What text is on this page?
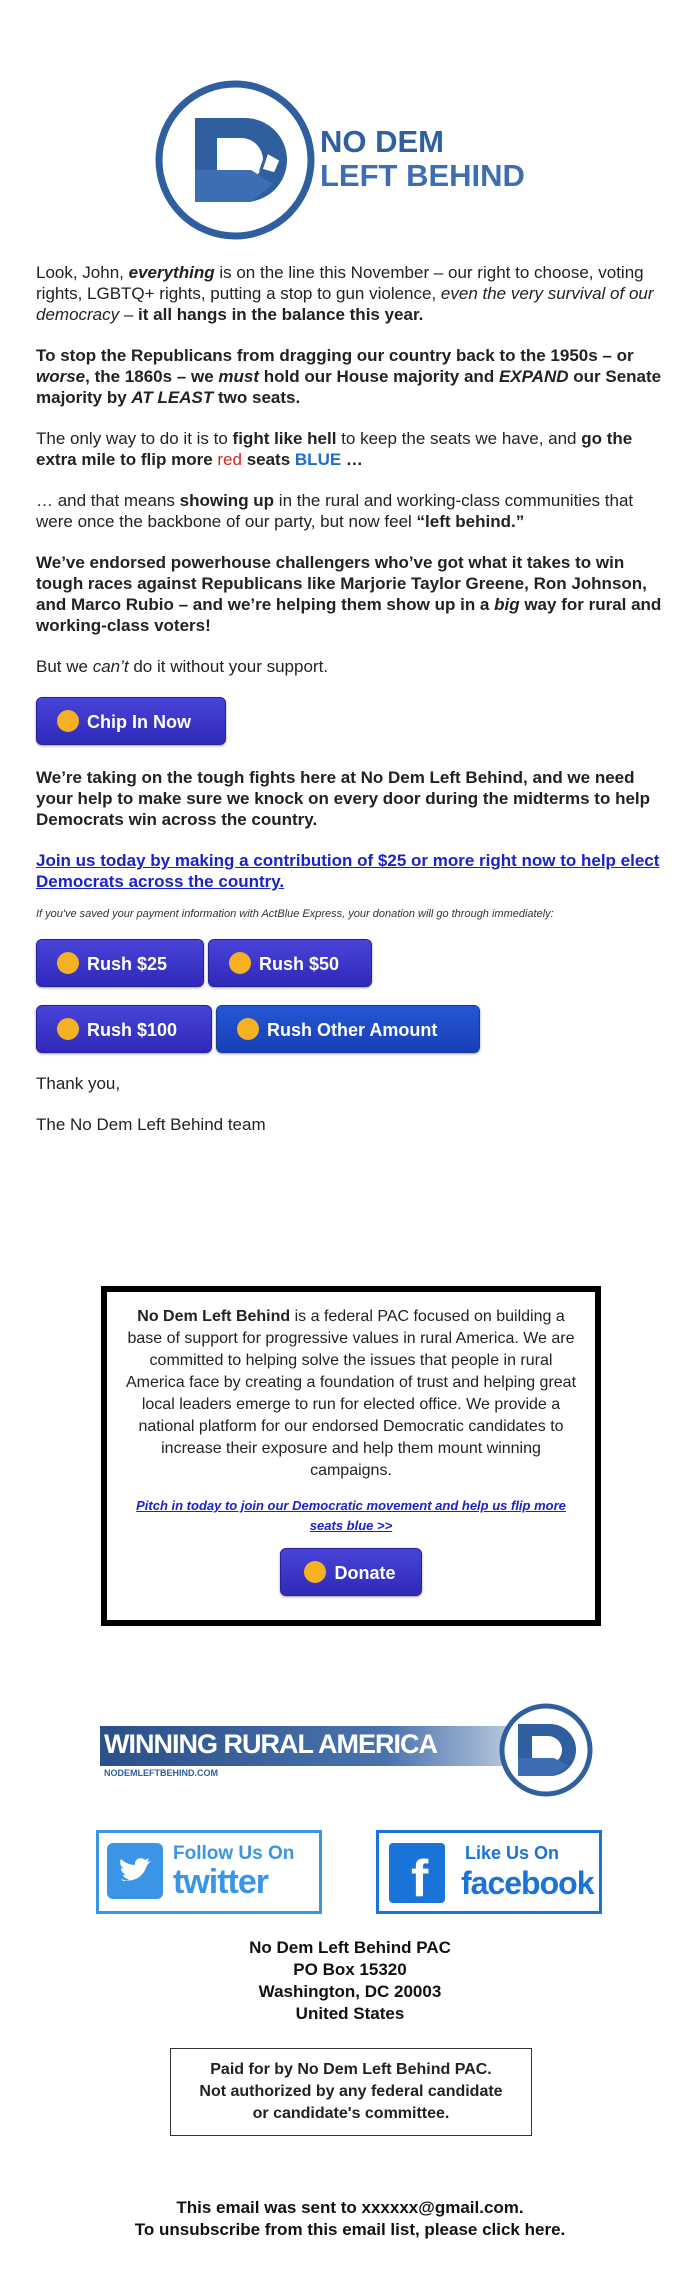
NO DEM
LEFT BEHIND

Look, John, everything is on the line this November – our right to choose, voting rights, LGBTQ+ rights, putting a stop to gun violence, even the very survival of our democracy – it all hangs in the balance this year.

To stop the Republicans from dragging our country back to the 1950s – or worse, the 1860s – we must hold our House majority and EXPAND our Senate majority by AT LEAST two seats.

The only way to do it is to fight like hell to keep the seats we have, and go the extra mile to flip more red seats BLUE …

… and that means showing up in the rural and working-class communities that were once the backbone of our party, but now feel “left behind.”

We’ve endorsed powerhouse challengers who’ve got what it takes to win tough races against Republicans like Marjorie Taylor Greene, Ron Johnson, and Marco Rubio – and we’re helping them show up in a big way for rural and working-class voters!

But we can’t do it without your support.

Chip In Now

We’re taking on the tough fights here at No Dem Left Behind, and we need your help to make sure we knock on every door during the midterms to help Democrats win across the country.

Join us today by making a contribution of $25 or more right now to help elect Democrats across the country.

If you've saved your payment information with ActBlue Express, your donation will go through immediately:

Rush $25	Rush $50
Rush $100	Rush Other Amount

Thank you,

The No Dem Left Behind team

No Dem Left Behind is a federal PAC focused on building a base of support for progressive values in rural America. We are committed to helping solve the issues that people in rural America face by creating a foundation of trust and helping great local leaders emerge to run for elected office. We provide a national platform for our endorsed Democratic candidates to increase their exposure and help them mount winning campaigns.
Pitch in today to join our Democratic movement and help us flip more seats blue >>
Donate
WINNING RURAL AMERICA
NODEMLEFTBEHIND.COM
Follow Us On
twitter	f Like Us On
facebook
No Dem Left Behind PAC
PO Box 15320
Washington, DC 20003
United States
Paid for by No Dem Left Behind PAC.
Not authorized by any federal candidate
or candidate's committee.
This email was sent to xxxxxx@gmail.com.
To unsubscribe from this email list, please click here.
